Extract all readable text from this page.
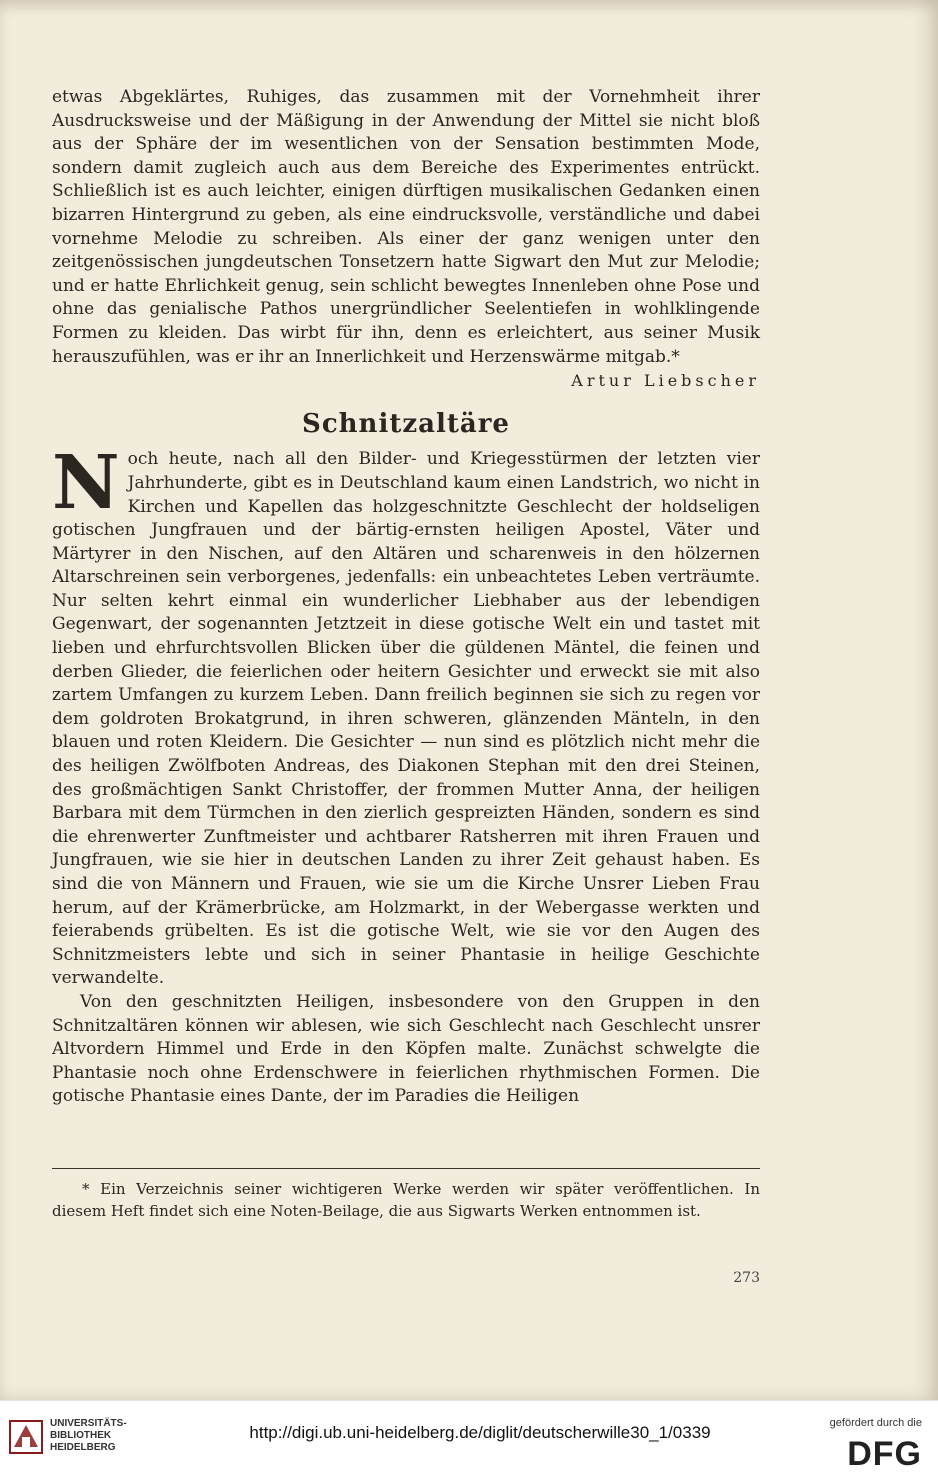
etwas Abgeklärtes, Ruhiges, das zusammen mit der Vornehmheit ihrer Ausdrucksweise und der Mäßigung in der Anwendung der Mittel sie nicht bloß aus der Sphäre der im wesentlichen von der Sensation bestimmten Mode, sondern damit zugleich auch aus dem Bereiche des Experimentes entrückt. Schließlich ist es auch leichter, einigen dürftigen musikalischen Gedanken einen bizarren Hintergrund zu geben, als eine eindrucksvolle, verständliche und dabei vornehme Melodie zu schreiben. Als einer der ganz wenigen unter den zeitgenössischen jungdeutschen Tonsetzern hatte Sigwart den Mut zur Melodie; und er hatte Ehrlichkeit genug, sein schlicht bewegtes Innenleben ohne Pose und ohne das genialische Pathos unergründlicher Seelentiefen in wohlklingende Formen zu kleiden. Das wirbt für ihn, denn es erleichtert, aus seiner Musik herauszufühlen, was er ihr an Innerlichkeit und Herzenswärme mitgab.*

Artur Liebscher
Schnitzaltäre

Noch heute, nach all den Bilder- und Kriegesstürmen der letzten vier Jahrhunderte, gibt es in Deutschland kaum einen Landstrich, wo nicht in Kirchen und Kapellen das holzgeschnitzte Geschlecht der holdseligen gotischen Jungfrauen und der bärtig-ernsten heiligen Apostel, Väter und Märtyrer in den Nischen, auf den Altären und scharenweis in den hölzernen Altarschreinen sein verborgenes, jedenfalls: ein unbeachtetes Leben verträumte. Nur selten kehrt einmal ein wunderlicher Liebhaber aus der lebendigen Gegenwart, der sogenannten Jetztzeit in diese gotische Welt ein und tastet mit lieben und ehrfurchtsvollen Blicken über die güldenen Mäntel, die feinen und derben Glieder, die feierlichen oder heitern Gesichter und erweckt sie mit also zartem Umfangen zu kurzem Leben. Dann freilich beginnen sie sich zu regen vor dem goldroten Brokatgrund, in ihren schweren, glänzenden Mänteln, in den blauen und roten Kleidern. Die Gesichter — nun sind es plötzlich nicht mehr die des heiligen Zwölfboten Andreas, des Diakonen Stephan mit den drei Steinen, des großmächtigen Sankt Christoffer, der frommen Mutter Anna, der heiligen Barbara mit dem Türmchen in den zierlich gespreizten Händen, sondern es sind die ehrenwerter Zunftmeister und achtbarer Ratsherren mit ihren Frauen und Jungfrauen, wie sie hier in deutschen Landen zu ihrer Zeit gehaust haben. Es sind die von Männern und Frauen, wie sie um die Kirche Unsrer Lieben Frau herum, auf der Krämerbrücke, am Holzmarkt, in der Webergasse werkten und feierabends grübelten. Es ist die gotische Welt, wie sie vor den Augen des Schnitzmeisters lebte und sich in seiner Phantasie in heilige Geschichte verwandelte.

Von den geschnitzten Heiligen, insbesondere von den Gruppen in den Schnitzaltären können wir ablesen, wie sich Geschlecht nach Geschlecht unsrer Altvordern Himmel und Erde in den Köpfen malte. Zunächst schwelgte die Phantasie noch ohne Erdenschwere in feierlichen rhythmischen Formen. Die gotische Phantasie eines Dante, der im Paradies die Heiligen

* Ein Verzeichnis seiner wichtigeren Werke werden wir später veröffentlichen. In diesem Heft findet sich eine Noten-Beilage, die aus Sigwarts Werken entnommen ist.

273
UNIVERSITÄTS-
BIBLIOTHEK
HEIDELBERG
http://digi.ub.uni-heidelberg.de/diglit/deutscherwille30_1/0339	gefördert durch die
DFG
